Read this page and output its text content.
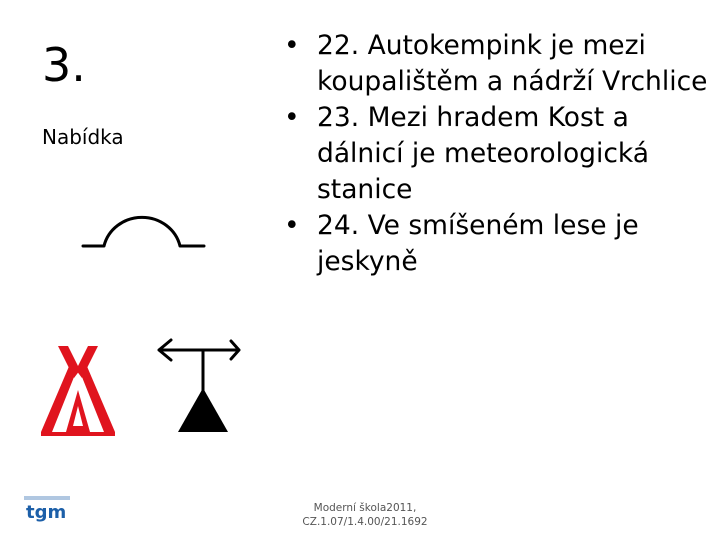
3.
Nabídka
• 22. Autokempink je mezi koupalištěm a nádrží Vrchlice
• 23. Mezi hradem Kost a dálnicí je meteorologická stanice
• 24. Ve smíšeném lese je jeskyně
Moderní škola2011,
CZ.1.07/1.4.00/21.1692
tgm
